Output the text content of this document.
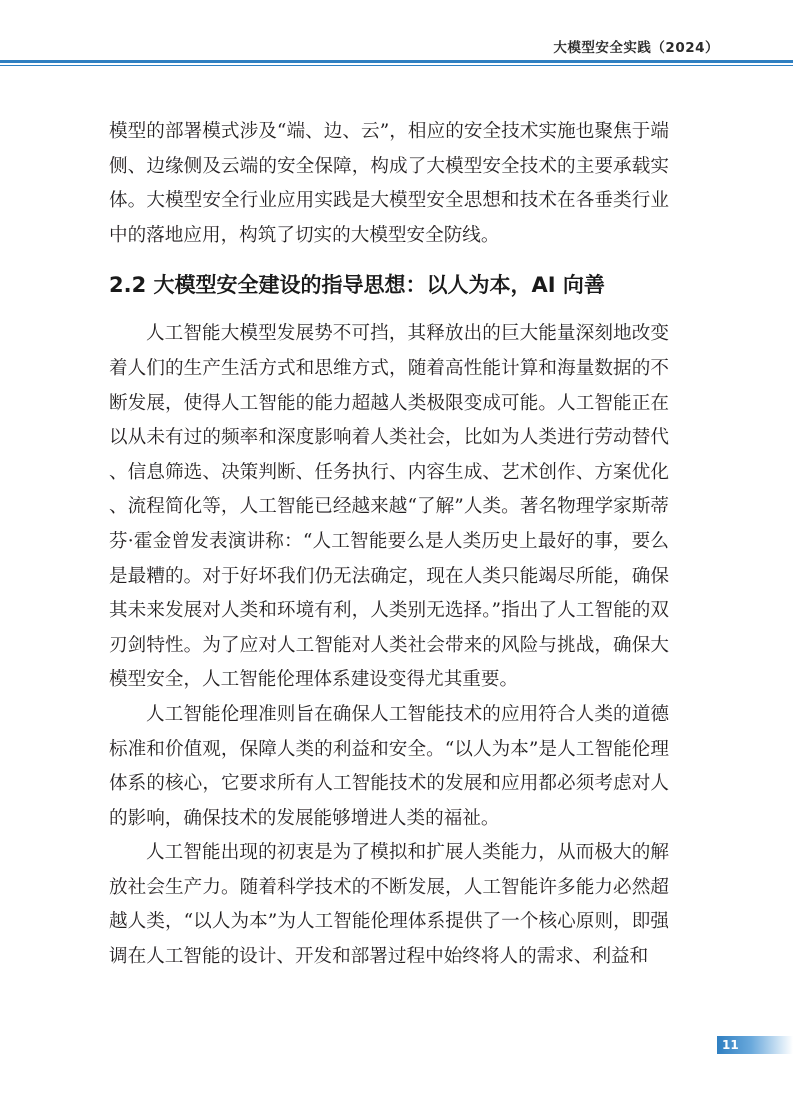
大模型安全实践（2024）

模型的部署模式涉及“端、边、云”，相应的安全技术实施也聚焦于端侧、边缘侧及云端的安全保障，构成了大模型安全技术的主要承载实体。大模型安全行业应用实践是大模型安全思想和技术在各垂类行业中的落地应用，构筑了切实的大模型安全防线。

2.2 大模型安全建设的指导思想：以人为本，AI 向善

人工智能大模型发展势不可挡，其释放出的巨大能量深刻地改变着人们的生产生活方式和思维方式，随着高性能计算和海量数据的不断发展，使得人工智能的能力超越人类极限变成可能。人工智能正在以从未有过的频率和深度影响着人类社会，比如为人类进行劳动替代、信息筛选、决策判断、任务执行、内容生成、艺术创作、方案优化、流程简化等，人工智能已经越来越“了解”人类。著名物理学家斯蒂芬·霍金曾发表演讲称：“人工智能要么是人类历史上最好的事，要么是最糟的。对于好坏我们仍无法确定，现在人类只能竭尽所能，确保其未来发展对人类和环境有利，人类别无选择。”指出了人工智能的双刃剑特性。为了应对人工智能对人类社会带来的风险与挑战，确保大模型安全，人工智能伦理体系建设变得尤其重要。

人工智能伦理准则旨在确保人工智能技术的应用符合人类的道德标准和价值观，保障人类的利益和安全。“以人为本”是人工智能伦理体系的核心，它要求所有人工智能技术的发展和应用都必须考虑对人的影响，确保技术的发展能够增进人类的福祉。

人工智能出现的初衷是为了模拟和扩展人类能力，从而极大的解放社会生产力。随着科学技术的不断发展，人工智能许多能力必然超越人类，“以人为本”为人工智能伦理体系提供了一个核心原则，即强调在人工智能的设计、开发和部署过程中始终将人的需求、利益和

11
